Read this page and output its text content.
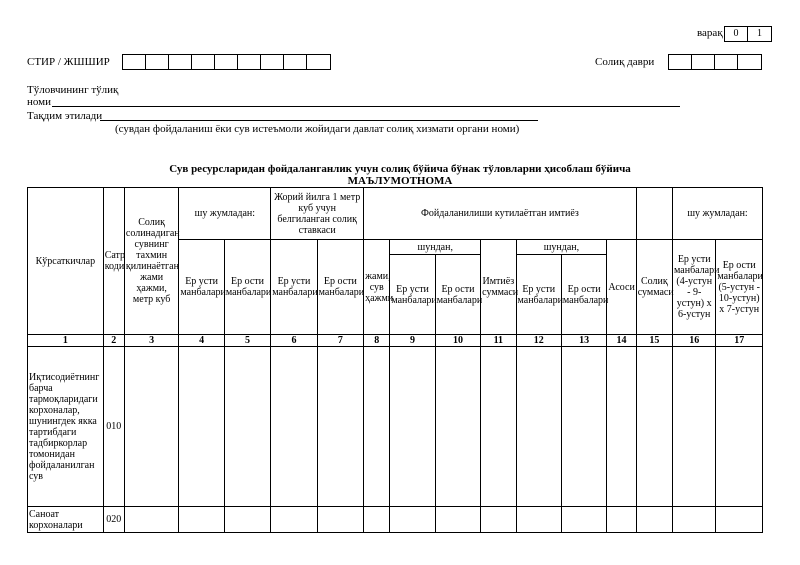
варақ	0	1
СТИР / ЖШШИР	Солиқ даври
Тўловчининг тўлиқ
номи
Тақдим этилади
(сувдан фойдаланиш ёки сув истеъмоли жойидаги давлат солиқ хизмати органи номи)
Сув ресурсларидан фойдаланганлик учун солиқ бўйича бўнак тўловларни ҳисоблаш бўйича
МАЪЛУМОТНОМА
Кўрсаткичлар	Сатр коди	Солиқ солинадиган сувнинг тахмин қилинаётган жами ҳажми, метр куб	шу жумладан:		Жорий йилга 1 метр куб учун белгиланган солиқ ставкаси		Фойдаланилиши кутилаётган имтиёз								шу жумладан:	
			Ер усти манбалари	Ер ости манбалари	Ер усти манбалари	Ер ости манбалари	жами, сув ҳажми	шундан,		Имтиёз суммаси	шундан,		Асоси	Солиқ суммаси	Ер усти манбалари (4-устун - 9-устун) х 6-устун	Ер ости манбалари (5-устун - 10-устун) х 7-устун
								Ер усти манбалари	Ер ости манбалари		Ер усти манбалари	Ер ости манбалари				
1	2	3	4	5	6	7	8	9	10	11	12	13	14	15	16	17
Иқтисодиётнинг барча тармоқларидаги корхоналар, шунингдек якка тартибдаги тадбиркорлар томонидан фойдаланилган сув	010															
Саноат корхоналари	020															
